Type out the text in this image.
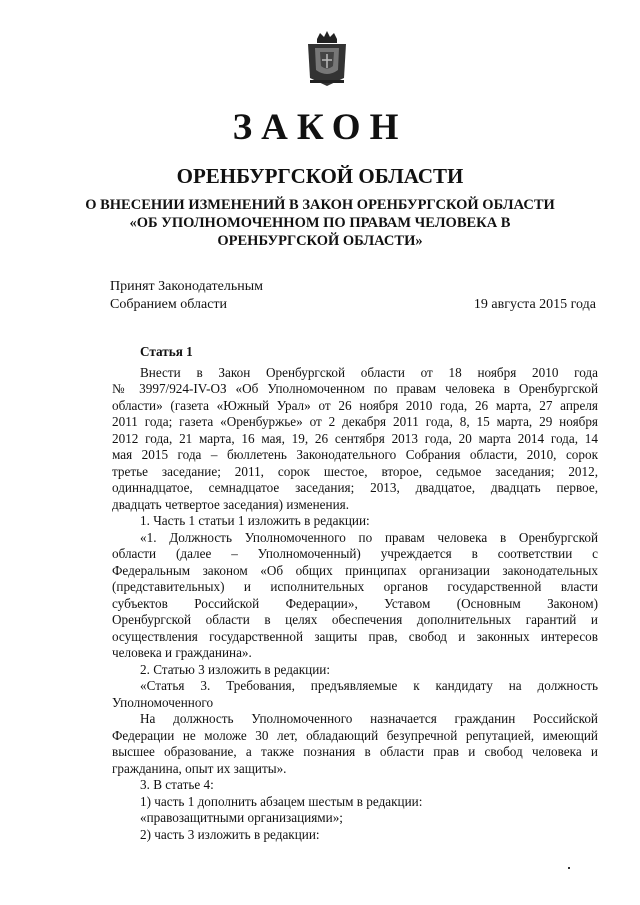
ЗАКОН
ОРЕНБУРГСКОЙ ОБЛАСТИ
О ВНЕСЕНИИ ИЗМЕНЕНИЙ В ЗАКОН ОРЕНБУРГСКОЙ ОБЛАСТИ
«ОБ УПОЛНОМОЧЕННОМ ПО ПРАВАМ ЧЕЛОВЕКА В
ОРЕНБУРГСКОЙ ОБЛАСТИ»
Принят Законодательным
Собранием области	19 августа 2015 года

Статья 1

Внести в Закон Оренбургской области от 18 ноября 2010 года

№ 3997/924-IV-ОЗ «Об Уполномоченном по правам человека в Оренбургской

области» (газета «Южный Урал» от 26 ноября 2010 года, 26 марта, 27 апреля

2011 года; газета «Оренбуржье» от 2 декабря 2011 года, 8, 15 марта, 29 ноября

2012 года, 21 марта, 16 мая, 19, 26 сентября 2013 года, 20 марта 2014 года, 14

мая 2015 года – бюллетень Законодательного Собрания области, 2010, сорок

третье заседание; 2011, сорок шестое, второе, седьмое заседания; 2012,

одиннадцатое, семнадцатое заседания; 2013, двадцатое, двадцать первое,

двадцать четвертое заседания) изменения.

1. Часть 1 статьи 1 изложить в редакции:

«1. Должность Уполномоченного по правам человека в Оренбургской

области (далее – Уполномоченный) учреждается в соответствии с

Федеральным законом «Об общих принципах организации законодательных

(представительных) и исполнительных органов государственной власти

субъектов Российской Федерации», Уставом (Основным Законом)

Оренбургской области в целях обеспечения дополнительных гарантий и

осуществления государственной защиты прав, свобод и законных интересов

человека и гражданина».

2. Статью 3 изложить в редакции:

«Статья 3. Требования, предъявляемые к кандидату на должность

Уполномоченного

На должность Уполномоченного назначается гражданин Российской

Федерации не моложе 30 лет, обладающий безупречной репутацией, имеющий

высшее образование, а также познания в области прав и свобод человека и

гражданина, опыт их защиты».

3. В статье 4:

1) часть 1 дополнить абзацем шестым в редакции:

«правозащитными организациями»;

2) часть 3 изложить в редакции:
